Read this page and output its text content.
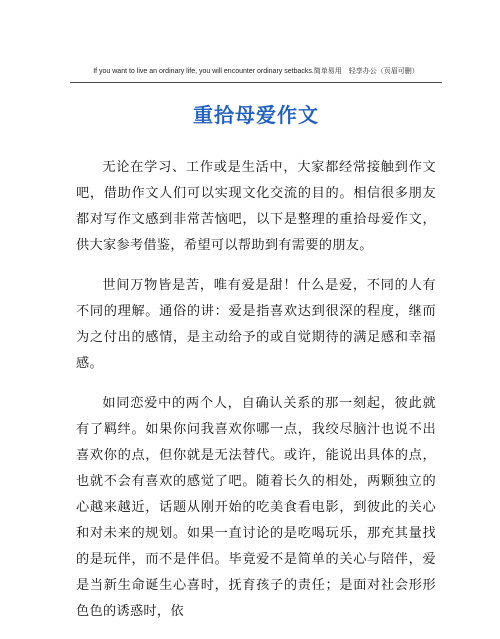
If you want to live an ordinary life, you will encounter ordinary setbacks.简单易用　轻享办公（页眉可删）
重拾母爱作文

无论在学习、工作或是生活中，大家都经常接触到作文吧，借助作文人们可以实现文化交流的目的。相信很多朋友都对写作文感到非常苦恼吧，以下是整理的重拾母爱作文，供大家参考借鉴，希望可以帮助到有需要的朋友。

世间万物皆是苦，唯有爱是甜！什么是爱，不同的人有不同的理解。通俗的讲：爱是指喜欢达到很深的程度，继而为之付出的感情，是主动给予的或自觉期待的满足感和幸福感。

如同恋爱中的两个人，自确认关系的那一刻起，彼此就有了羁绊。如果你问我喜欢你哪一点，我绞尽脑汁也说不出喜欢你的点，但你就是无法替代。或许，能说出具体的点，也就不会有喜欢的感觉了吧。随着长久的相处，两颗独立的心越来越近，话题从刚开始的吃美食看电影，到彼此的关心和对未来的规划。如果一直讨论的是吃喝玩乐，那充其量找的是玩伴，而不是伴侣。毕竟爱不是简单的关心与陪伴，爱是当新生命诞生心喜时，抚育孩子的责任；是面对社会形形色色的诱惑时，依
